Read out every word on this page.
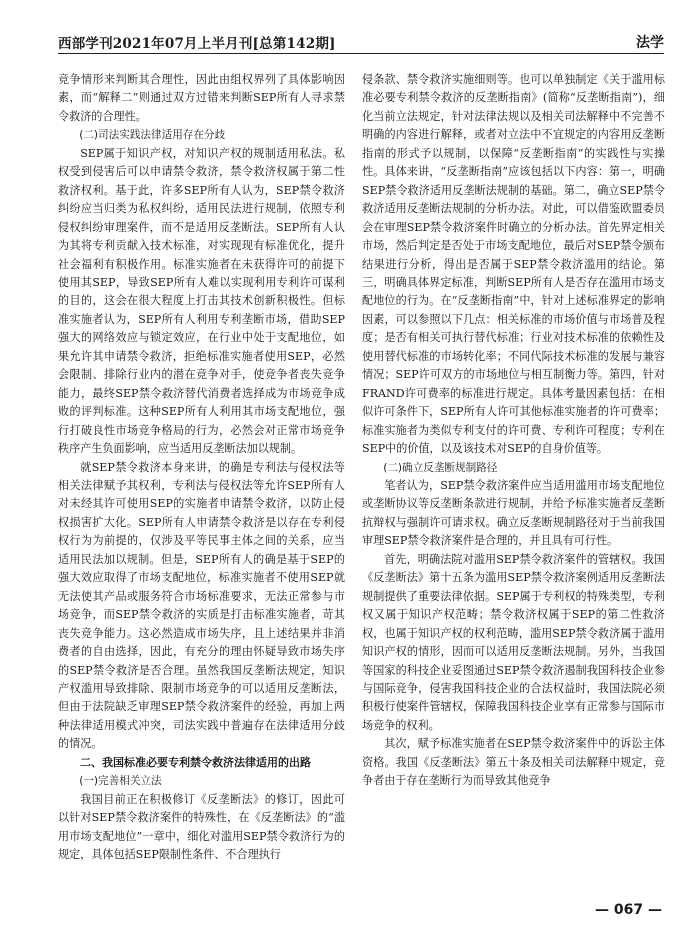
西部学刊2021年07月上半月刊[总第142期]	法学

竞争情形来判断其合理性，因此由组权界列了具体影响因素，而“解释二”则通过双方过错来判断SEP所有人寻求禁令救济的合理性。

(二)司法实践法律适用存在分歧

SEP属于知识产权，对知识产权的规制适用私法。私权受到侵害后可以申请禁令救济，禁令救济权属于第二性救济权利。基于此，许多SEP所有人认为，SEP禁令救济纠纷应当归类为私权纠纷，适用民法进行规制，依照专利侵权纠纷审理案件，而不是适用反垄断法。SEP所有人认为其将专利贡献入技术标准，对实现现有标准优化，提升社会福利有积极作用。标准实施者在未获得许可的前提下使用其SEP，导致SEP所有人难以实现利用专利许可谋利的目的，这会在很大程度上打击其技术创新积极性。但标准实施者认为，SEP所有人利用专利垄断市场，借助SEP强大的网络效应与锁定效应，在行业中处于支配地位，如果允许其申请禁令救济，拒绝标准实施者使用SEP，必然会限制、排除行业内的潜在竞争对手，使竞争者丧失竞争能力，最终SEP禁令救济替代消费者选择成为市场竞争成败的评判标准。这种SEP所有人利用其市场支配地位，强行打破良性市场竞争格局的行为，必然会对正常市场竞争秩序产生负面影响，应当适用反垄断法加以规制。

就SEP禁令救济本身来讲，的确是专利法与侵权法等相关法律赋予其权利，专利法与侵权法等允许SEP所有人对未经其许可使用SEP的实施者申请禁令救济，以防止侵权损害扩大化。SEP所有人申请禁令救济是以存在专利侵权行为为前提的，仅涉及平等民事主体之间的关系，应当适用民法加以规制。但是，SEP所有人的确是基于SEP的强大效应取得了市场支配地位，标准实施者不使用SEP就无法使其产品或服务符合市场标准要求，无法正常参与市场竞争，而SEP禁令救济的实质是打击标准实施者，苛其丧失竞争能力。这必然造成市场失序，且上述结果并非消费者的自由选择，因此，有充分的理由怀疑导致市场失序的SEP禁令救济是否合理。虽然我国反垄断法规定，知识产权滥用导致排除、限制市场竞争的可以适用反垄断法，但由于法院缺乏审理SEP禁令救济案件的经验，再加上两种法律适用模式冲突，司法实践中普遍存在法律适用分歧的情况。

二、我国标准必要专利禁令救济法律适用的出路

(一)完善相关立法

我国目前正在积极修订《反垄断法》的修订，因此可以针对SEP禁令救济案件的特殊性，在《反垄断法》的“滥用市场支配地位”一章中，细化对滥用SEP禁令救济行为的规定，具体包括SEP限制性条件、不合理执行

侵条款、禁令救济实施细则等。也可以单独制定《关于滥用标准必要专利禁令救济的反垄断指南》(简称“反垄断指南”)，细化当前立法规定，针对法律法规以及相关司法解释中不完善不明确的内容进行解释，或者对立法中不宜规定的内容用反垄断指南的形式予以规制，以保障“反垄断指南”的实践性与实操性。具体来讲，“反垄断指南”应该包括以下内容：第一，明确SEP禁令救济适用反垄断法规制的基础。第二，确立SEP禁令救济适用反垄断法规制的分析办法。对此，可以借鉴欧盟委员会在审理SEP禁令救济案件时确立的分析办法。首先界定相关市场，然后判定是否处于市场支配地位，最后对SEP禁令颁布结果进行分析，得出是否属于SEP禁令救济滥用的结论。第三，明确具体界定标准，判断SEP所有人是否存在滥用市场支配地位的行为。在“反垄断指南”中，针对上述标准界定的影响因素，可以参照以下几点：相关标准的市场价值与市场普及程度；是否有相关可执行替代标准；行业对技术标准的依赖性及使用替代标准的市场转化率；不同代际技术标准的发展与兼容情况；SEP许可双方的市场地位与相互制衡力等。第四，针对FRAND许可费率的标准进行规定。具体考量因素包括：在相似许可条件下，SEP所有人许可其他标准实施者的许可费率；标准实施者为类似专利支付的许可费、专利许可程度；专利在SEP中的价值，以及该技术对SEP的自身价值等。

(二)确立反垄断规制路径

笔者认为，SEP禁令救济案件应当适用滥用市场支配地位或垄断协议等反垄断条款进行规制，并给予标准实施者反垄断抗辩权与强制许可请求权。确立反垄断规制路径对于当前我国审理SEP禁令救济案件是合理的，并且具有可行性。

首先，明确法院对滥用SEP禁令救济案件的管辖权。我国《反垄断法》第十五条为滥用SEP禁令救济案例适用反垄断法规制提供了重要法律依据。SEP属于专利权的特殊类型，专利权又属于知识产权范畴；禁令救济权属于SEP的第二性救济权，也属于知识产权的权利范畴，滥用SEP禁令救济属于滥用知识产权的情形，因而可以适用反垄断法规制。另外，当我国等国家的科技企业妥图通过SEP禁令救济遏制我国科技企业参与国际竞争，侵害我国科技企业的合法权益时，我国法院必须积极行使案件管辖权，保障我国科技企业享有正常参与国际市场竞争的权利。

其次，赋予标准实施者在SEP禁令救济案件中的诉讼主体资格。我国《反垄断法》第五十条及相关司法解释中规定，竞争者由于存在垄断行为而导致其他竞争

— 067 —
